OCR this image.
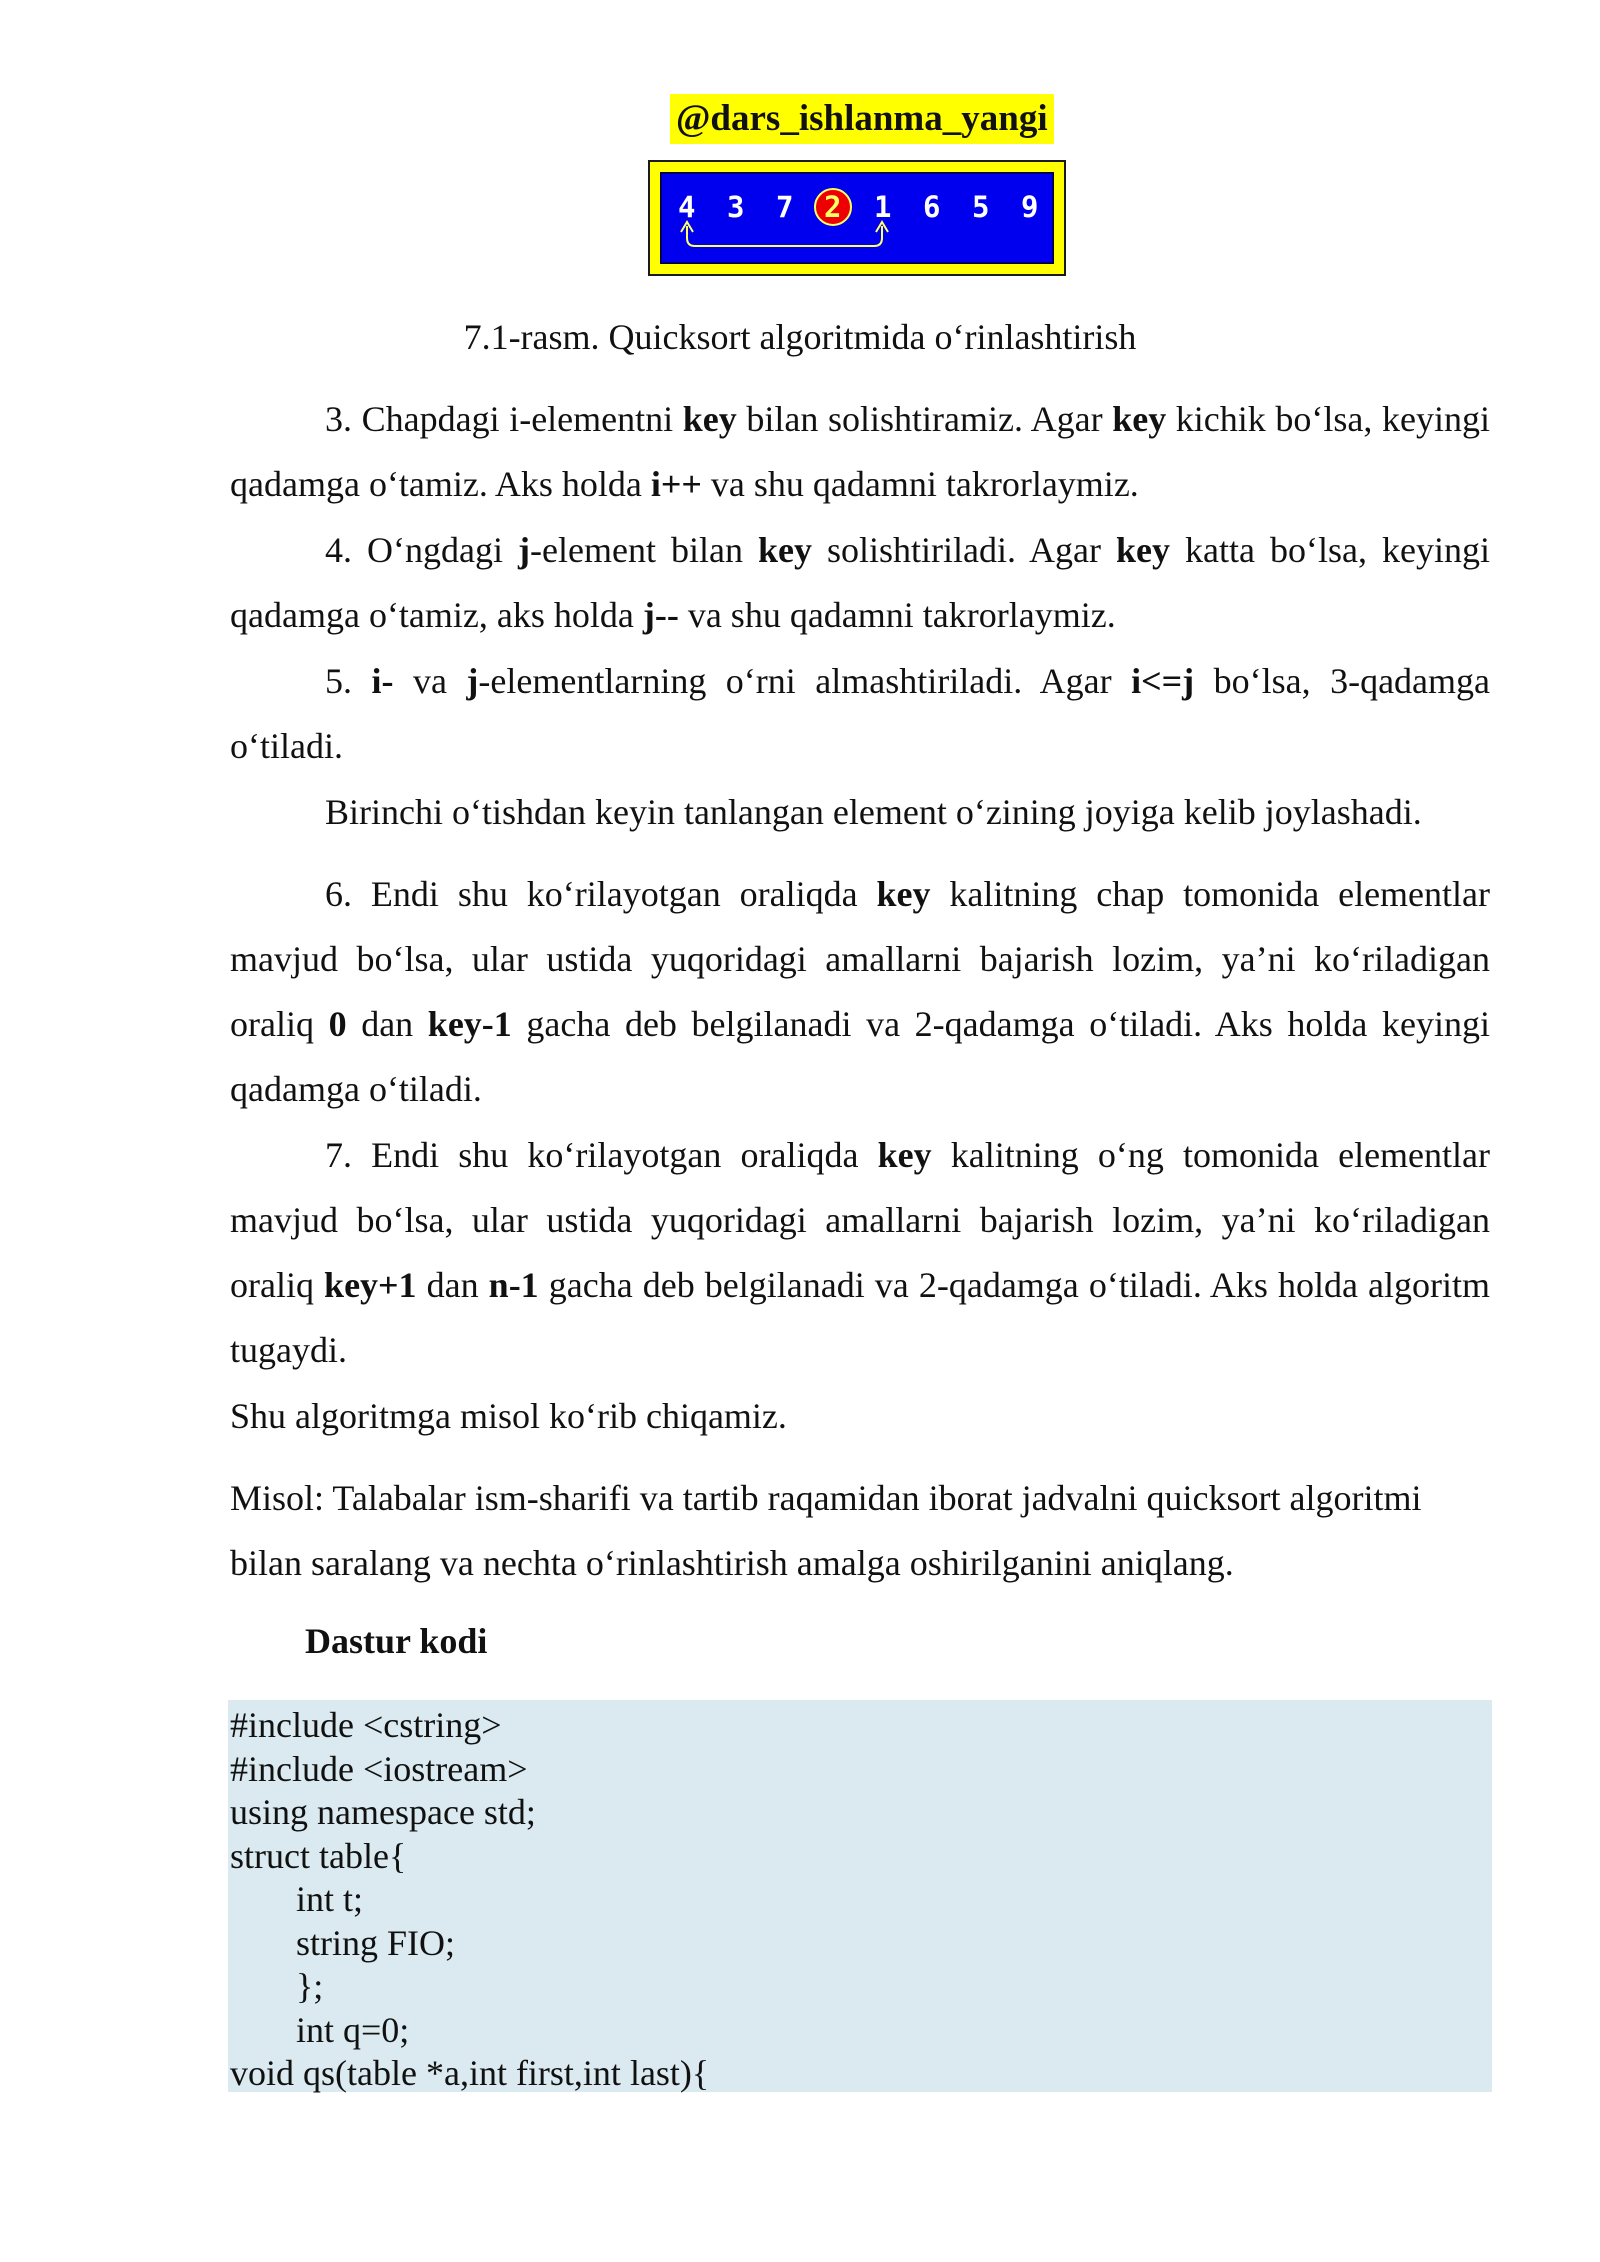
@dars_ishlanma_yangi
4 3 7 2 1 6 5 9
7.1-rasm. Quicksort algoritmida o‘rinlashtirish
3. Chapdagi i-elementni key bilan solishtiramiz. Agar key kichik bo‘lsa, keyingi qadamga o‘tamiz. Aks holda i++ va shu qadamni takrorlaymiz.
4. O‘ngdagi j-element bilan key solishtiriladi. Agar key katta bo‘lsa, keyingi qadamga o‘tamiz, aks holda j-- va shu qadamni takrorlaymiz.
5. i- va j-elementlarning o‘rni almashtiriladi. Agar i<=j bo‘lsa, 3-qadamga o‘tiladi.
Birinchi o‘tishdan keyin tanlangan element o‘zining joyiga kelib joylashadi.
6. Endi shu ko‘rilayotgan oraliqda key kalitning chap tomonida elementlar mavjud bo‘lsa, ular ustida yuqoridagi amallarni bajarish lozim, ya’ni ko‘riladigan oraliq 0 dan key-1 gacha deb belgilanadi va 2-qadamga o‘tiladi. Aks holda keyingi qadamga o‘tiladi.
7. Endi shu ko‘rilayotgan oraliqda key kalitning o‘ng tomonida elementlar mavjud bo‘lsa, ular ustida yuqoridagi amallarni bajarish lozim, ya’ni ko‘riladigan oraliq key+1 dan n-1 gacha deb belgilanadi va 2-qadamga o‘tiladi. Aks holda algoritm tugaydi.
Shu algoritmga misol ko‘rib chiqamiz.
Misol: Talabalar ism-sharifi va tartib raqamidan iborat jadvalni quicksort algoritmi bilan saralang va nechta o‘rinlashtirish amalga oshirilganini aniqlang.
Dastur kodi
#include <cstring>
#include <iostream>
using namespace std;
struct table{
int t;
string FIO;
};
int q=0;
void qs(table *a,int first,int last){
